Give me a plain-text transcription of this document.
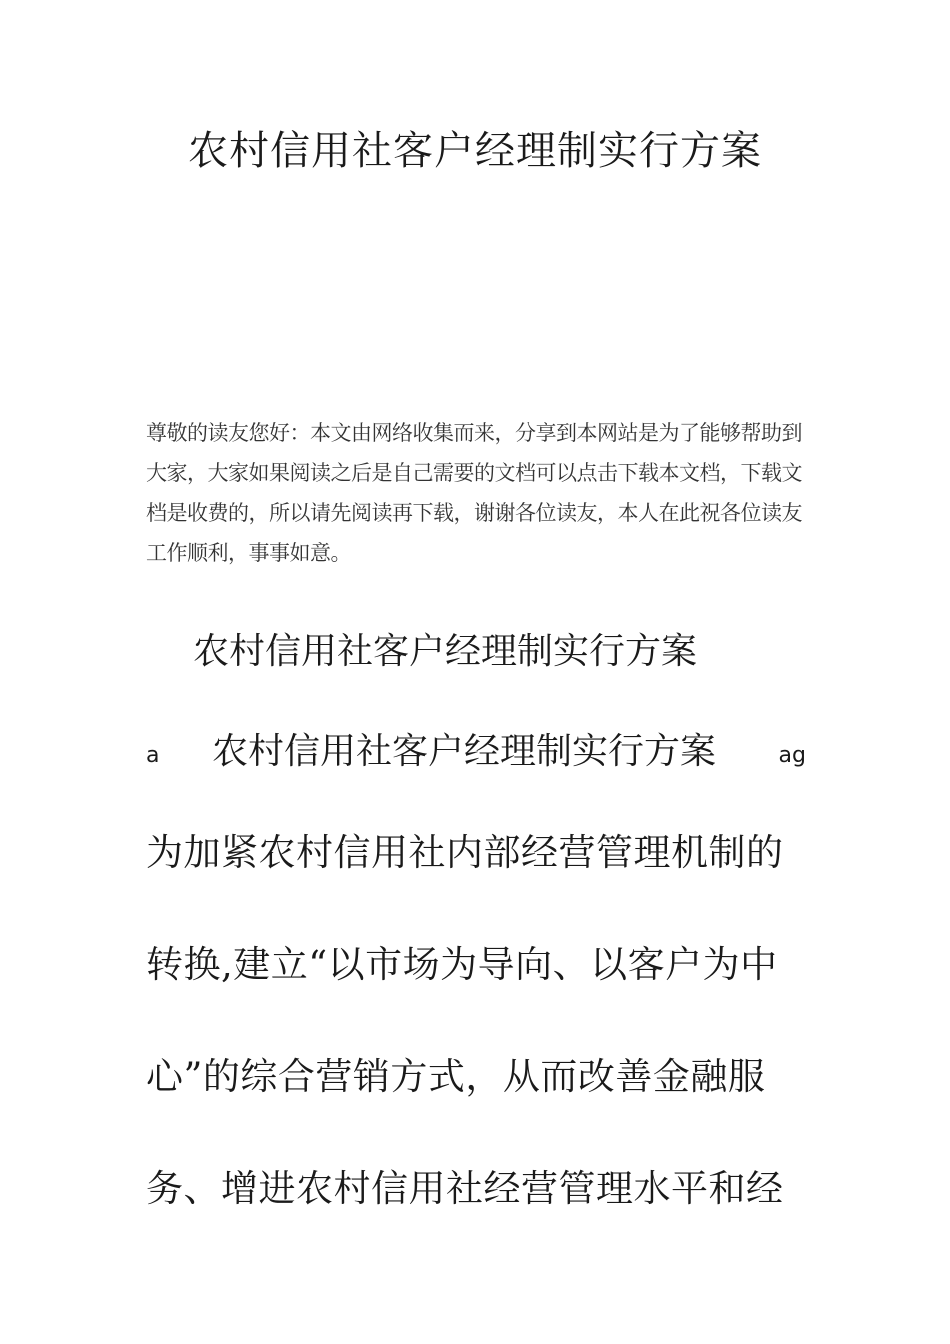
农村信用社客户经理制实行方案

尊敬的读友您好：本文由网络收集而来，分享到本网站是为了能够帮助到大家，大家如果阅读之后是自己需要的文档可以点击下载本文档，下载文档是收费的，所以请先阅读再下载，谢谢各位读友，本人在此祝各位读友工作顺利，事事如意。

农村信用社客户经理制实行方案
a 农村信用社客户经理制实行方案	ag
为加紧农村信用社内部经营管理机制的
转换,建立“以市场为导向、以客户为中
心”的综合营销方式，从而改善金融服
务、增进农村信用社经营管理水平和经
